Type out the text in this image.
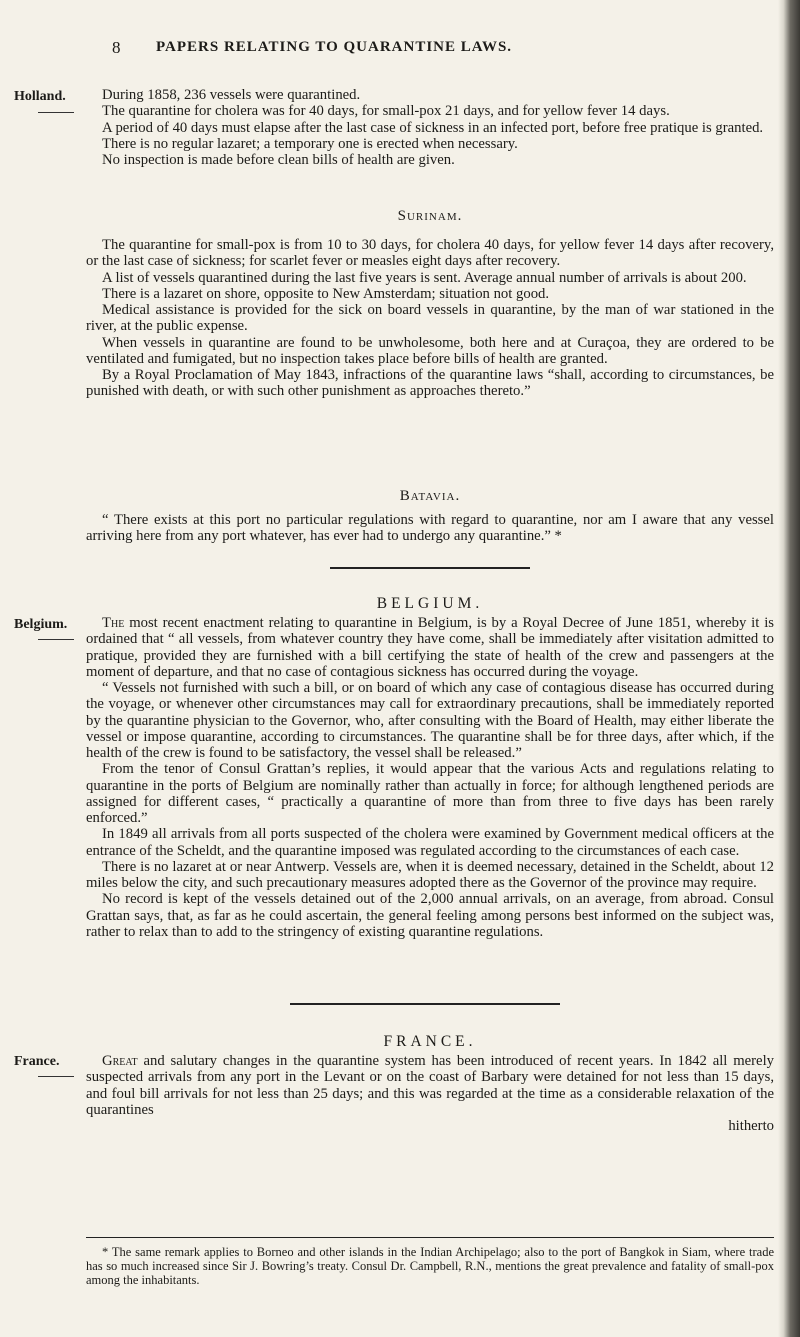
8 PAPERS RELATING TO QUARANTINE LAWS.
Holland.	During 1858, 236 vessels were quarantined.

The quarantine for cholera was for 40 days, for small-pox 21 days, and for yellow fever 14 days.

A period of 40 days must elapse after the last case of sickness in an infected port, before free pratique is granted.

There is no regular lazaret; a temporary one is erected when necessary.

No inspection is made before clean bills of health are given.

Surinam.

The quarantine for small-pox is from 10 to 30 days, for cholera 40 days, for yellow fever 14 days after recovery, or the last case of sickness; for scarlet fever or measles eight days after recovery.

A list of vessels quarantined during the last five years is sent. Average annual number of arrivals is about 200.

There is a lazaret on shore, opposite to New Amsterdam; situation not good.

Medical assistance is provided for the sick on board vessels in quarantine, by the man of war stationed in the river, at the public expense.

When vessels in quarantine are found to be unwholesome, both here and at Curaçoa, they are ordered to be ventilated and fumigated, but no inspection takes place before bills of health are granted.

By a Royal Proclamation of May 1843, infractions of the quarantine laws “shall, according to circumstances, be punished with death, or with such other punishment as approaches thereto.”

Batavia.

“ There exists at this port no particular regulations with regard to quarantine, nor am I aware that any vessel arriving here from any port whatever, has ever had to undergo any quarantine.” *

BELGIUM.
Belgium.	The most recent enactment relating to quarantine in Belgium, is by a Royal Decree of June 1851, whereby it is ordained that “ all vessels, from whatever country they have come, shall be immediately after visitation admitted to pratique, provided they are furnished with a bill certifying the state of health of the crew and passengers at the moment of departure, and that no case of contagious sickness has occurred during the voyage.

“ Vessels not furnished with such a bill, or on board of which any case of contagious disease has occurred during the voyage, or whenever other circumstances may call for extraordinary precautions, shall be immediately reported by the quarantine physician to the Governor, who, after consulting with the Board of Health, may either liberate the vessel or impose quarantine, according to circumstances. The quarantine shall be for three days, after which, if the health of the crew is found to be satisfactory, the vessel shall be released.”

From the tenor of Consul Grattan’s replies, it would appear that the various Acts and regulations relating to quarantine in the ports of Belgium are nominally rather than actually in force; for although lengthened periods are assigned for different cases, “ practically a quarantine of more than from three to five days has been rarely enforced.”

In 1849 all arrivals from all ports suspected of the cholera were examined by Government medical officers at the entrance of the Scheldt, and the quarantine imposed was regulated according to the circumstances of each case.

There is no lazaret at or near Antwerp. Vessels are, when it is deemed necessary, detained in the Scheldt, about 12 miles below the city, and such precautionary measures adopted there as the Governor of the province may require.

No record is kept of the vessels detained out of the 2,000 annual arrivals, on an average, from abroad. Consul Grattan says, that, as far as he could ascertain, the general feeling among persons best informed on the subject was, rather to relax than to add to the stringency of existing quarantine regulations.

FRANCE.
France.	Great and salutary changes in the quarantine system has been introduced of recent years. In 1842 all merely suspected arrivals from any port in the Levant or on the coast of Barbary were detained for not less than 15 days, and foul bill arrivals for not less than 25 days; and this was regarded at the time as a considerable relaxation of the quarantines

hitherto

* The same remark applies to Borneo and other islands in the Indian Archipelago; also to the port of Bangkok in Siam, where trade has so much increased since Sir J. Bowring’s treaty. Consul Dr. Campbell, R.N., mentions the great prevalence and fatality of small-pox among the inhabitants.
